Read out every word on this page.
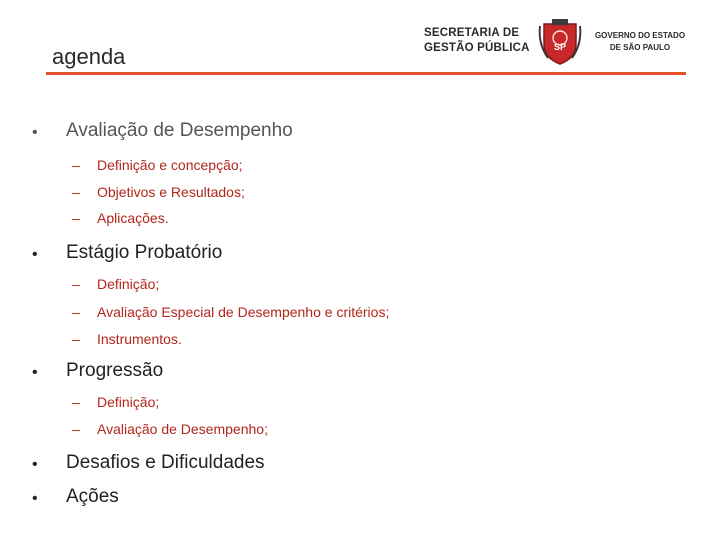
agenda
SECRETARIA DE
GESTÃO PÚBLICA	SP
GOVERNO DO ESTADO
DE SÃO PAULO
• Avaliação de Desempenho
– Definição e concepção;
– Objetivos e Resultados;
– Aplicações.
• Estágio Probatório
– Definição;
– Avaliação Especial de Desempenho e critérios;
– Instrumentos.
• Progressão
– Definição;
– Avaliação de Desempenho;
• Desafios e Dificuldades
• Ações
